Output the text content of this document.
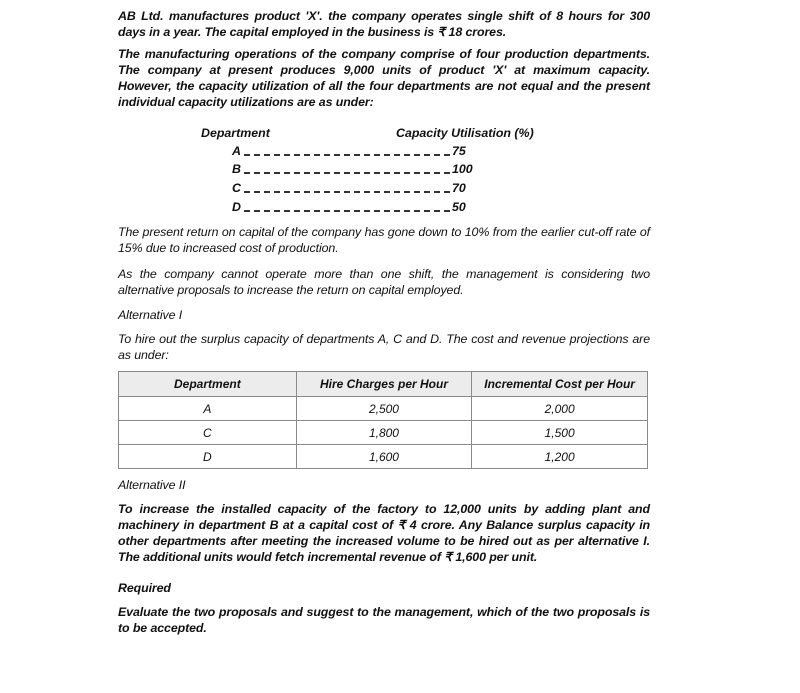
AB Ltd. manufactures product 'X'. the company operates single shift of 8 hours for 300 days in a year. The capital employed in the business is ₹ 18 crores.
The manufacturing operations of the company comprise of four production departments. The company at present produces 9,000 units of product 'X' at maximum capacity. However, the capacity utilization of all the four departments are not equal and the present individual capacity utilizations are as under:
Department	Capacity Utilisation (%)
A	75
B	100
C	70
D	50
The present return on capital of the company has gone down to 10% from the earlier cut-off rate of 15% due to increased cost of production.
As the company cannot operate more than one shift, the management is considering two alternative proposals to increase the return on capital employed.
Alternative I
To hire out the surplus capacity of departments A, C and D. The cost and revenue projections are as under:
Department	Hire Charges per Hour	Incremental Cost per Hour
A	2,500	2,000
C	1,800	1,500
D	1,600	1,200
Alternative II
To increase the installed capacity of the factory to 12,000 units by adding plant and machinery in department B at a capital cost of ₹ 4 crore. Any Balance surplus capacity in other departments after meeting the increased volume to be hired out as per alternative I. The additional units would fetch incremental revenue of ₹ 1,600 per unit.
Required
Evaluate the two proposals and suggest to the management, which of the two proposals is to be accepted.
